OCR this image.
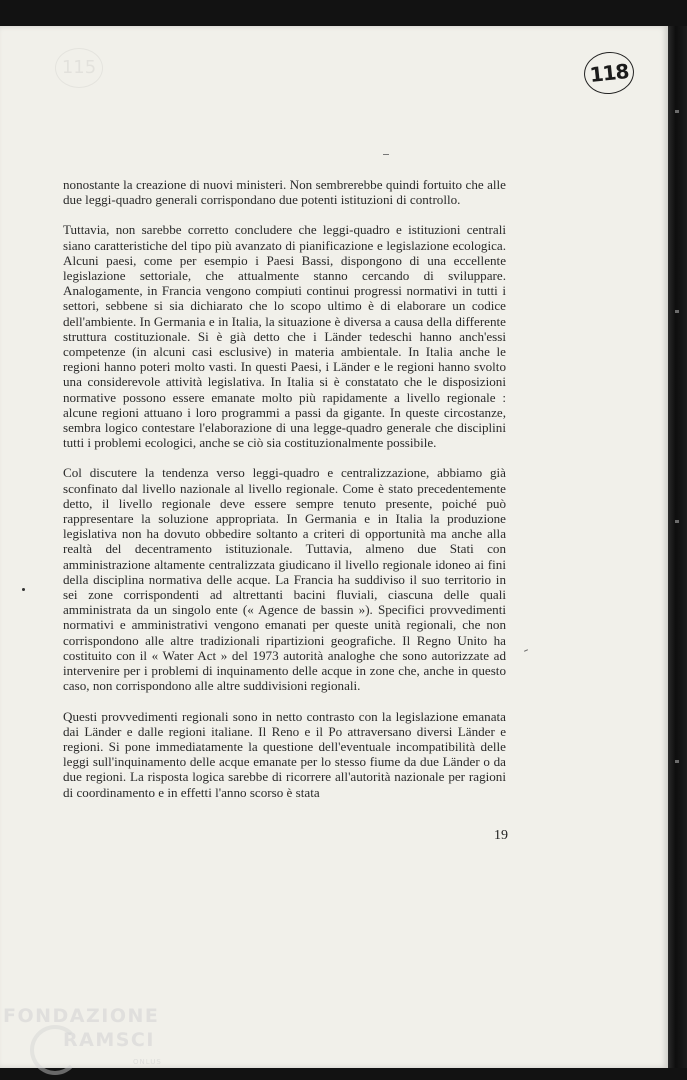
115	118

nonostante la creazione di nuovi ministeri. Non sembrerebbe quindi fortuito che alle due leggi-quadro generali corrispondano due potenti istituzioni di controllo.

Tuttavia, non sarebbe corretto concludere che leggi-quadro e istituzioni centrali siano caratteristiche del tipo più avanzato di pianificazione e legislazione ecologica. Alcuni paesi, come per esempio i Paesi Bassi, dispongono di una eccellente legislazione settoriale, che attualmente stanno cercando di sviluppare. Analogamente, in Francia vengono compiuti continui progressi normativi in tutti i settori, sebbene si sia dichiarato che lo scopo ultimo è di elaborare un codice dell'ambiente. In Germania e in Italia, la situazione è diversa a causa della differente struttura costituzionale. Si è già detto che i Länder tedeschi hanno anch'essi competenze (in alcuni casi esclusive) in materia ambientale. In Italia anche le regioni hanno poteri molto vasti. In questi Paesi, i Länder e le regioni hanno svolto una considerevole attività legislativa. In Italia si è constatato che le disposizioni normative possono essere emanate molto più rapidamente a livello regionale : alcune regioni attuano i loro programmi a passi da gigante. In queste circostanze, sembra logico contestare l'elaborazione di una legge-quadro generale che disciplini tutti i problemi ecologici, anche se ciò sia costituzionalmente possibile.

Col discutere la tendenza verso leggi-quadro e centralizzazione, abbiamo già sconfinato dal livello nazionale al livello regionale. Come è stato precedentemente detto, il livello regionale deve essere sempre tenuto presente, poiché può rappresentare la soluzione appropriata. In Germania e in Italia la produzione legislativa non ha dovuto obbedire soltanto a criteri di opportunità ma anche alla realtà del decentramento istituzionale. Tuttavia, almeno due Stati con amministrazione altamente centralizzata giudicano il livello regionale idoneo ai fini della disciplina normativa delle acque. La Francia ha suddiviso il suo territorio in sei zone corrispondenti ad altrettanti bacini fluviali, ciascuna delle quali amministrata da un singolo ente (« Agence de bassin »). Specifici provvedimenti normativi e amministrativi vengono emanati per queste unità regionali, che non corrispondono alle altre tradizionali ripartizioni geografiche. Il Regno Unito ha costituito con il « Water Act » del 1973 autorità analoghe che sono autorizzate ad intervenire per i problemi di inquinamento delle acque in zone che, anche in questo caso, non corrispondono alle altre suddivisioni regionali.

Questi provvedimenti regionali sono in netto contrasto con la legislazione emanata dai Länder e dalle regioni italiane. Il Reno e il Po attraversano diversi Länder e regioni. Si pone immediatamente la questione dell'eventuale incompatibilità delle leggi sull'inquinamento delle acque emanate per lo stesso fiume da due Länder o da due regioni. La risposta logica sarebbe di ricorrere all'autorità nazionale per ragioni di coordinamento e in effetti l'anno scorso è stata

19
FONDAZIONE
RAMSCI
ONLUS
